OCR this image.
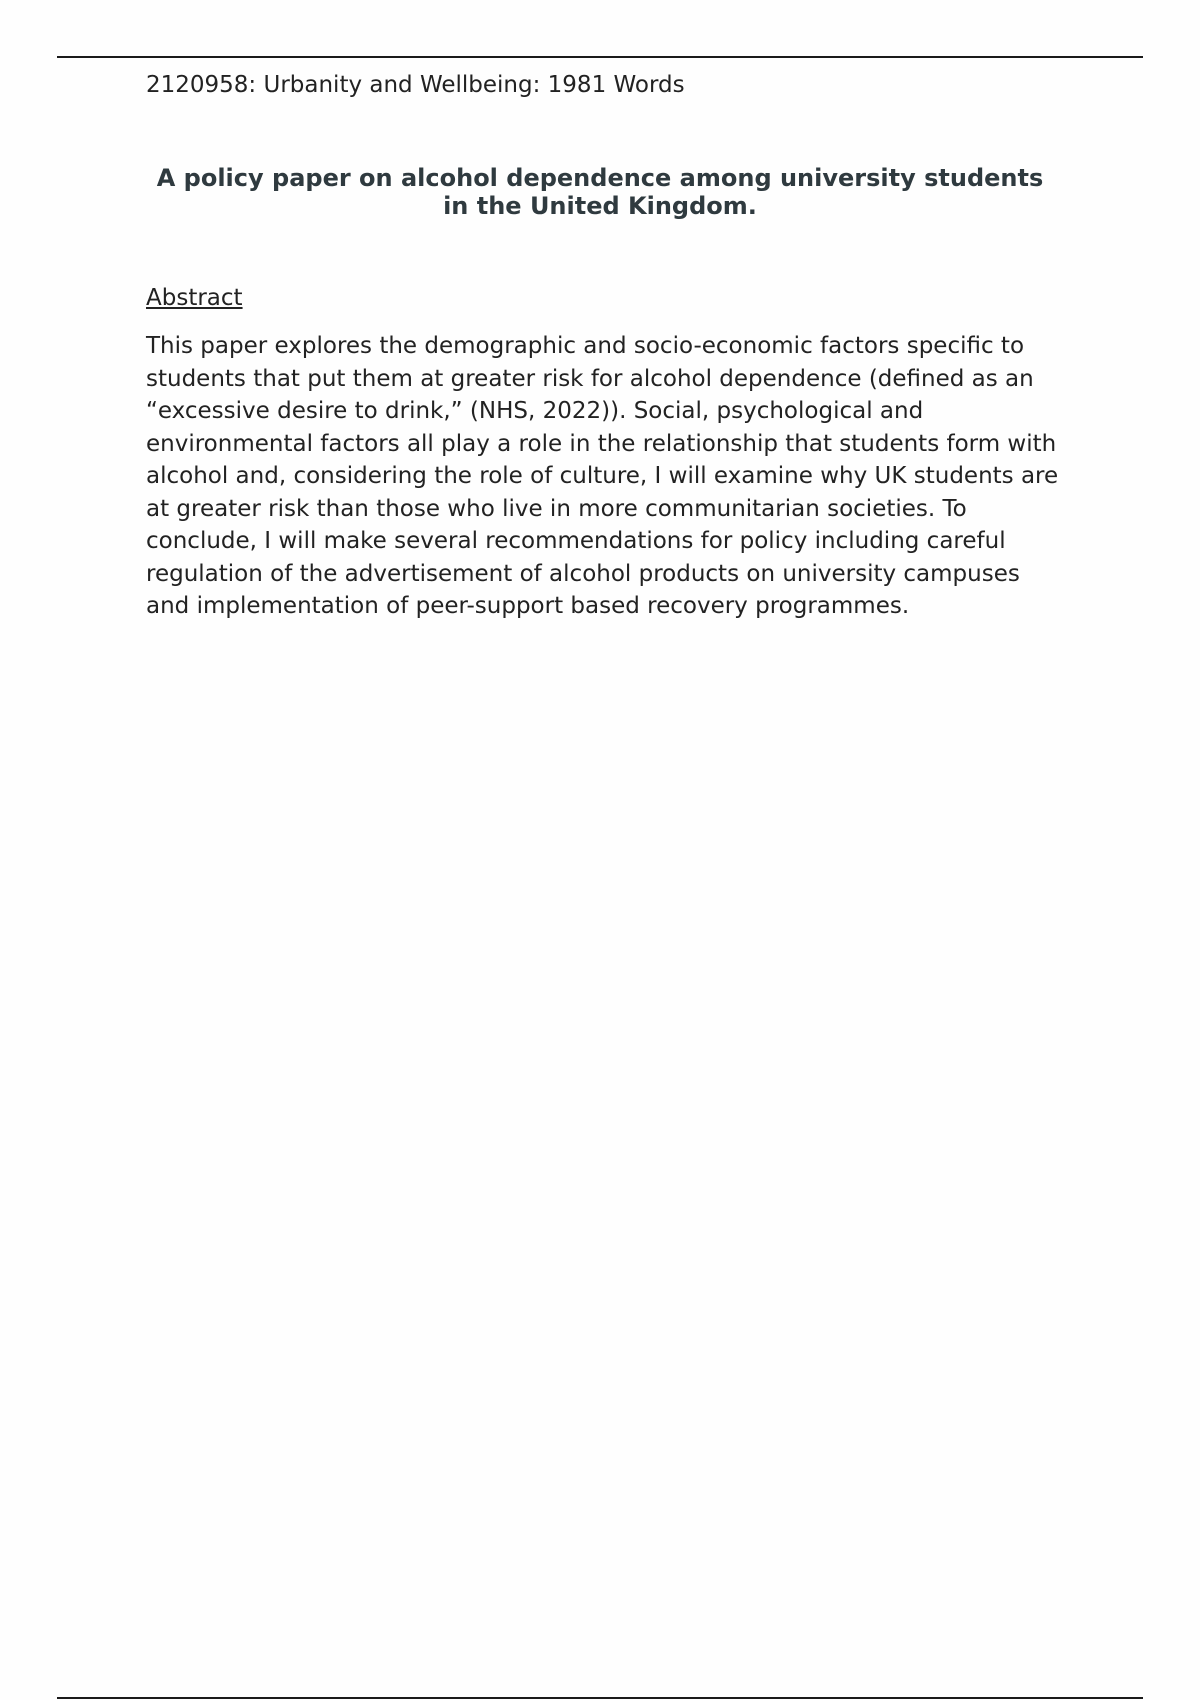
2120958: Urbanity and Wellbeing: 1981 Words
A policy paper on alcohol dependence among university students in the United Kingdom.
Abstract
This paper explores the demographic and socio-economic factors specific to students that put them at greater risk for alcohol dependence (defined as an “excessive desire to drink,” (NHS, 2022)). Social, psychological and environmental factors all play a role in the relationship that students form with alcohol and, considering the role of culture, I will examine why UK students are at greater risk than those who live in more communitarian societies. To conclude, I will make several recommendations for policy including careful regulation of the advertisement of alcohol products on university campuses and implementation of peer-support based recovery programmes.
